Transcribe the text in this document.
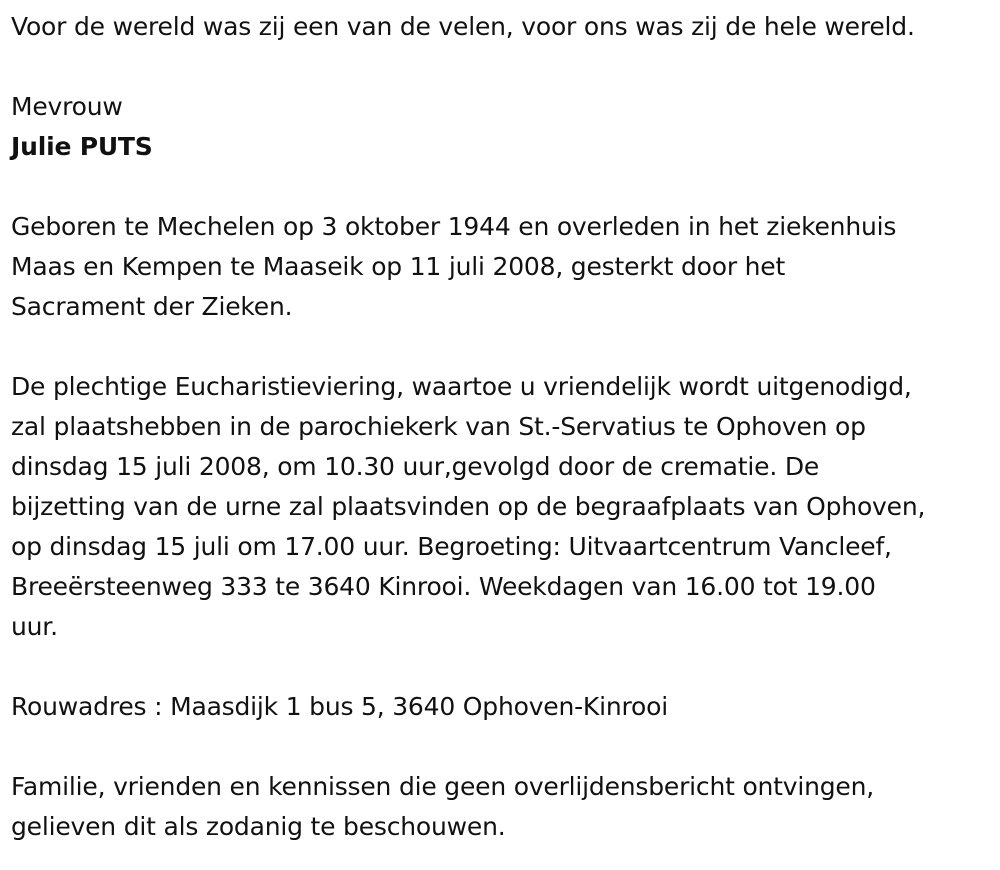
Voor de wereld was zij een van de velen, voor ons was zij de hele wereld.
Mevrouw
Julie PUTS
Geboren te Mechelen op 3 oktober 1944 en overleden in het ziekenhuis
Maas en Kempen te Maaseik op 11 juli 2008, gesterkt door het
Sacrament der Zieken.
De plechtige Eucharistieviering, waartoe u vriendelijk wordt uitgenodigd,
zal plaatshebben in de parochiekerk van St.-Servatius te Ophoven op
dinsdag 15 juli 2008, om 10.30 uur,gevolgd door de crematie. De
bijzetting van de urne zal plaatsvinden op de begraafplaats van Ophoven,
op dinsdag 15 juli om 17.00 uur. Begroeting: Uitvaartcentrum Vancleef,
Breeërsteenweg 333 te 3640 Kinrooi. Weekdagen van 16.00 tot 19.00
uur.
Rouwadres : Maasdijk 1 bus 5, 3640 Ophoven-Kinrooi
Familie, vrienden en kennissen die geen overlijdensbericht ontvingen,
gelieven dit als zodanig te beschouwen.
